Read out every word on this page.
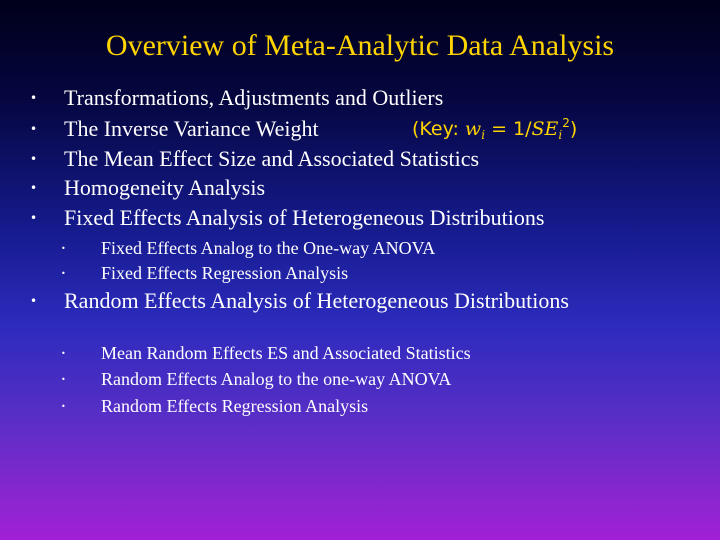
Overview of Meta-Analytic Data Analysis
• Transformations, Adjustments and Outliers
• The Inverse Variance Weight	(Key: $w_i = 1/SE_i^2$)
• The Mean Effect Size and Associated Statistics
• Homogeneity Analysis
• Fixed Effects Analysis of Heterogeneous Distributions
• Fixed Effects Analog to the One-way ANOVA
• Fixed Effects Regression Analysis
• Random Effects Analysis of Heterogeneous Distributions
• Mean Random Effects ES and Associated Statistics
• Random Effects Analog to the one-way ANOVA
• Random Effects Regression Analysis
